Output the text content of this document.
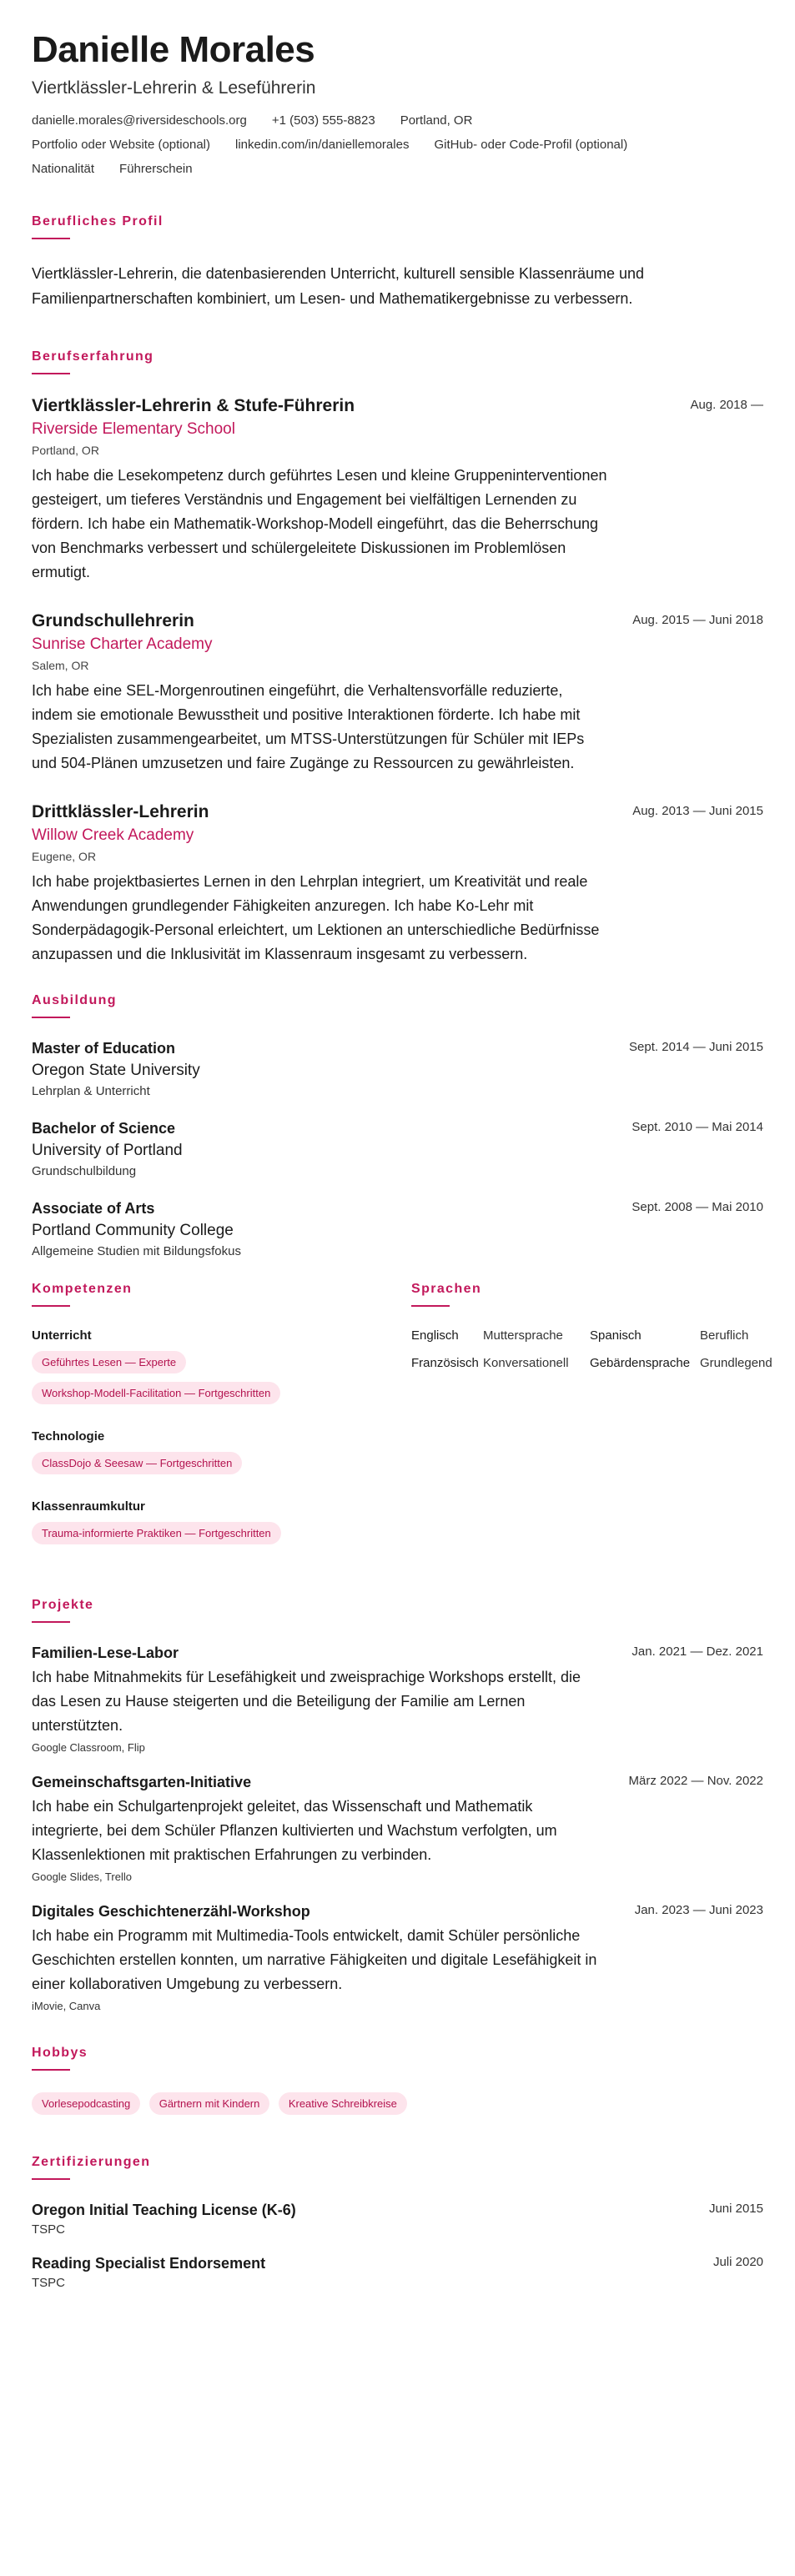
Danielle Morales
Viertklässler-Lehrerin & Leseführerin
danielle.morales@riversideschools.org +1 (503) 555-8823 Portland, OR
Portfolio oder Website (optional) linkedin.com/in/daniellemorales GitHub- oder Code-Profil (optional)
Nationalität Führerschein
Berufliches Profil
Viertklässler-Lehrerin, die datenbasierenden Unterricht, kulturell sensible Klassenräume und Familienpartnerschaften kombiniert, um Lesen- und Mathematikergebnisse zu verbessern.
Berufserfahrung
Viertklässler-Lehrerin & Stufe-Führerin	Aug. 2018 —
Riverside Elementary School
Portland, OR
Ich habe die Lesekompetenz durch geführtes Lesen und kleine Gruppeninterventionen gesteigert, um tieferes Verständnis und Engagement bei vielfältigen Lernenden zu fördern. Ich habe ein Mathematik-Workshop-Modell eingeführt, das die Beherrschung von Benchmarks verbessert und schülergeleitete Diskussionen im Problemlösen ermutigt.
Grundschullehrerin	Aug. 2015 — Juni 2018
Sunrise Charter Academy
Salem, OR
Ich habe eine SEL-Morgenroutinen eingeführt, die Verhaltensvorfälle reduzierte, indem sie emotionale Bewusstheit und positive Interaktionen förderte. Ich habe mit Spezialisten zusammengearbeitet, um MTSS-Unterstützungen für Schüler mit IEPs und 504-Plänen umzusetzen und faire Zugänge zu Ressourcen zu gewährleisten.
Drittklässler-Lehrerin	Aug. 2013 — Juni 2015
Willow Creek Academy
Eugene, OR
Ich habe projektbasiertes Lernen in den Lehrplan integriert, um Kreativität und reale Anwendungen grundlegender Fähigkeiten anzuregen. Ich habe Ko-Lehr mit Sonderpädagogik-Personal erleichtert, um Lektionen an unterschiedliche Bedürfnisse anzupassen und die Inklusivität im Klassenraum insgesamt zu verbessern.
Ausbildung
Master of Education	Sept. 2014 — Juni 2015
Oregon State University
Lehrplan & Unterricht
Bachelor of Science	Sept. 2010 — Mai 2014
University of Portland
Grundschulbildung
Associate of Arts	Sept. 2008 — Mai 2010
Portland Community College
Allgemeine Studien mit Bildungsfokus
Kompetenzen
Unterricht
Geführtes Lesen — Experte
Workshop-Modell-Facilitation — Fortgeschritten
Technologie
ClassDojo & Seesaw — Fortgeschritten
Klassenraumkultur
Trauma-informierte Praktiken — Fortgeschritten
Sprachen
Englisch	Muttersprache	Spanisch	Beruflich
Französisch Konversationell	Gebärdensprache Grundlegend
Projekte
Familien-Lese-Labor	Jan. 2021 — Dez. 2021
Ich habe Mitnahmekits für Lesefähigkeit und zweisprachige Workshops erstellt, die das Lesen zu Hause steigerten und die Beteiligung der Familie am Lernen unterstützten.
Google Classroom, Flip
Gemeinschaftsgarten-Initiative	März 2022 — Nov. 2022
Ich habe ein Schulgartenprojekt geleitet, das Wissenschaft und Mathematik integrierte, bei dem Schüler Pflanzen kultivierten und Wachstum verfolgten, um Klassenlektionen mit praktischen Erfahrungen zu verbinden.
Google Slides, Trello
Digitales Geschichtenerzähl-Workshop	Jan. 2023 — Juni 2023
Ich habe ein Programm mit Multimedia-Tools entwickelt, damit Schüler persönliche Geschichten erstellen konnten, um narrative Fähigkeiten und digitale Lesefähigkeit in einer kollaborativen Umgebung zu verbessern.
iMovie, Canva
Hobbys
Vorlesepodcasting	Gärtnern mit Kindern	Kreative Schreibkreise
Zertifizierungen
Oregon Initial Teaching License (K-6)	Juni 2015
TSPC
Reading Specialist Endorsement	Juli 2020
TSPC
